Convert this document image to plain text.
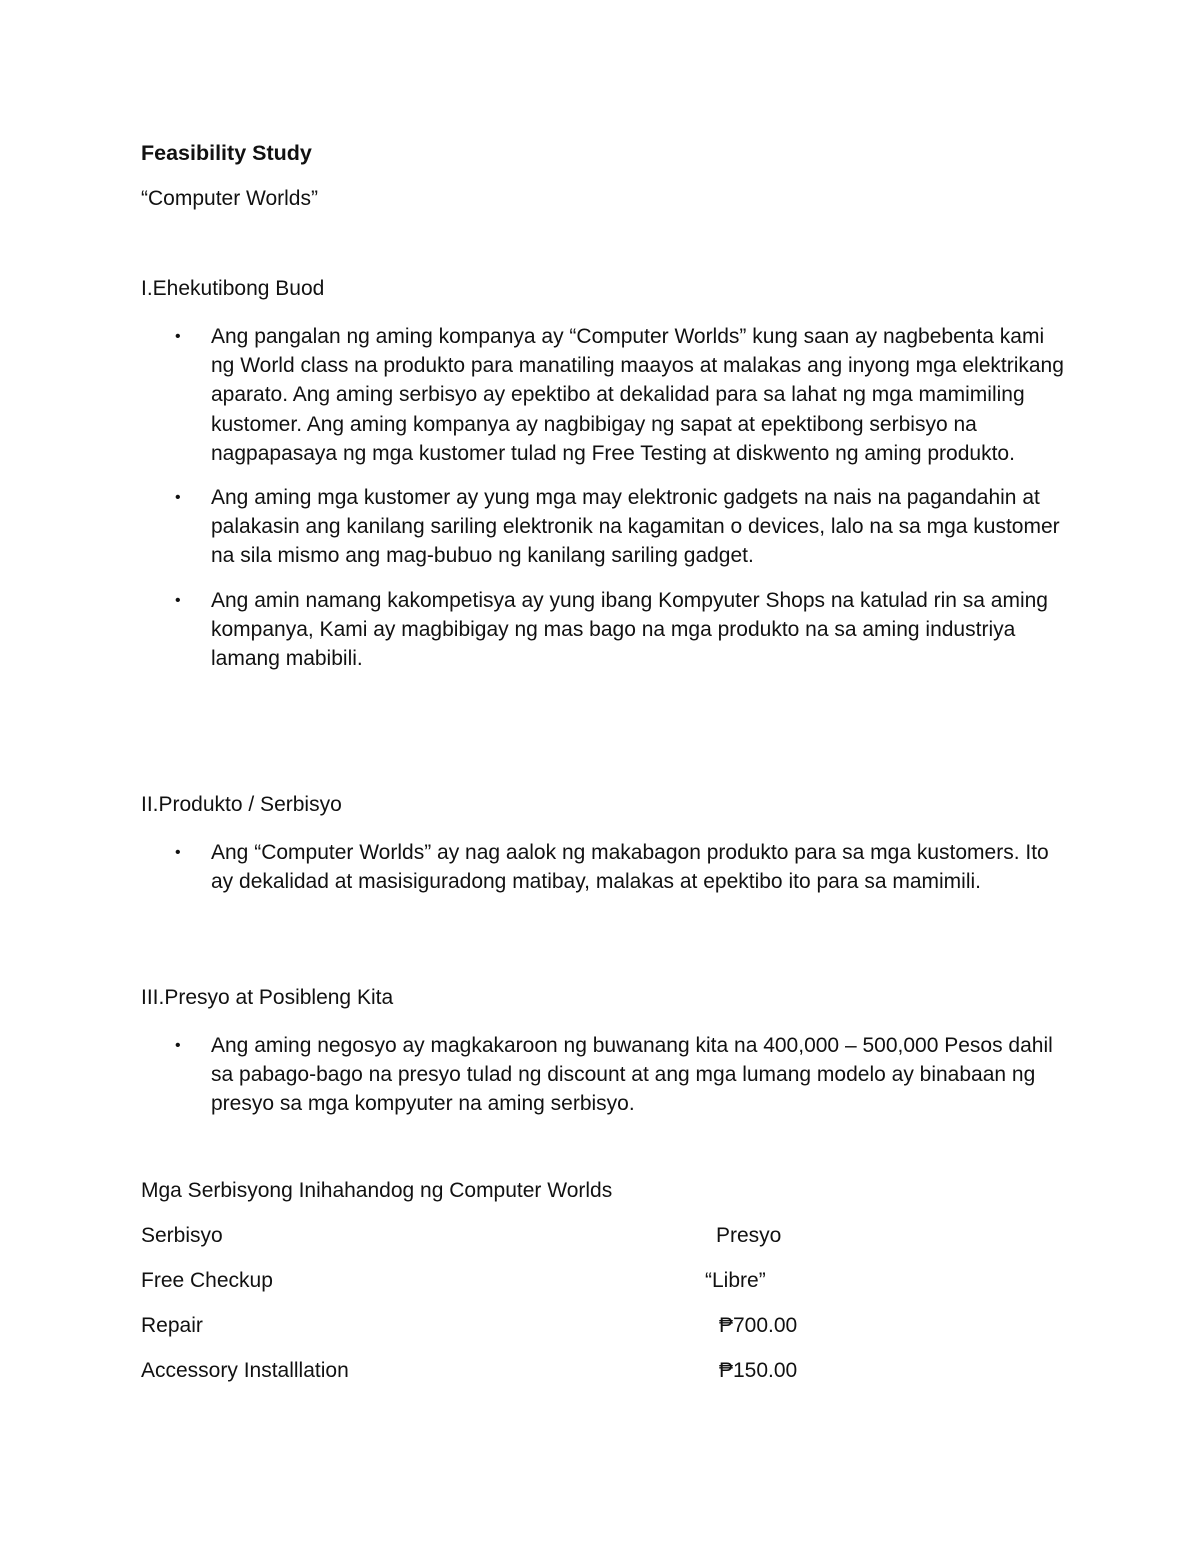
Feasibility Study

“Computer Worlds”

I.Ehekutibong Buod

• Ang pangalan ng aming kompanya ay “Computer Worlds” kung saan ay nagbebenta kami ng World class na produkto para manatiling maayos at malakas ang inyong mga elektrikang aparato. Ang aming serbisyo ay epektibo at dekalidad para sa lahat ng mga mamimiling kustomer. Ang aming kompanya ay nagbibigay ng sapat at epektibong serbisyo na nagpapasaya ng mga kustomer tulad ng Free Testing at diskwento ng aming produkto.
• Ang aming mga kustomer ay yung mga may elektronic gadgets na nais na pagandahin at palakasin ang kanilang sariling elektronik na kagamitan o devices, lalo na sa mga kustomer na sila mismo ang mag-bubuo ng kanilang sariling gadget.
• Ang amin namang kakompetisya ay yung ibang Kompyuter Shops na katulad rin sa aming kompanya, Kami ay magbibigay ng mas bago na mga produkto na sa aming industriya lamang mabibili.

II.Produkto / Serbisyo

• Ang “Computer Worlds” ay nag aalok ng makabagon produkto para sa mga kustomers. Ito ay dekalidad at masisiguradong matibay, malakas at epektibo ito para sa mamimili.

III.Presyo at Posibleng Kita

• Ang aming negosyo ay magkakaroon ng buwanang kita na 400,000 – 500,000 Pesos dahil sa pabago-bago na presyo tulad ng discount at ang mga lumang modelo ay binabaan ng presyo sa mga kompyuter na aming serbisyo.

Mga Serbisyong Inihahandog ng Computer Worlds

Serbisyo	Presyo
Free Checkup	“Libre”
Repair	₱700.00
Accessory Installlation	₱150.00
